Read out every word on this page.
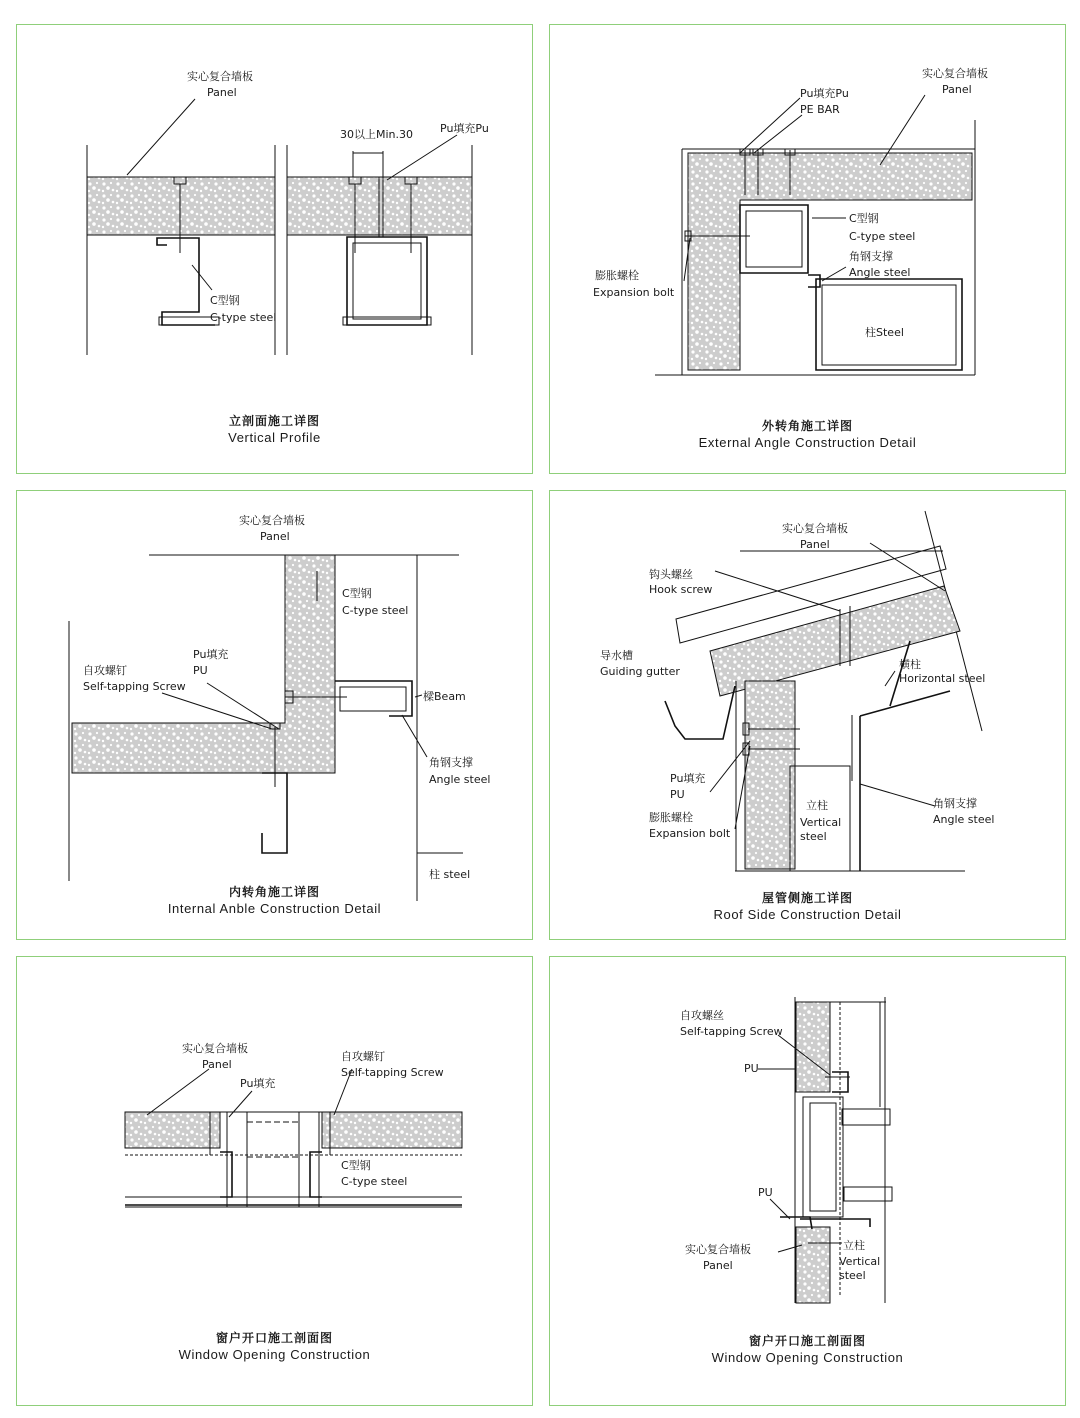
实心复合墙板
Panel
30以上Min.30 Pu填充Pu
C型钢
C-type steel
立剖面施工详图
Vertical Profile
Pu填充Pu
PE BAR
实心复合墙板
Panel
C型钢
C-type steel
角钢支撑
Angle steel
膨胀螺栓
Expansion bolt
柱Steel
外转角施工详图
External Angle Construction Detail
实心复合墙板
Panel
C型钢
C-type steel
Pu填充
PU
自攻螺钉
Self-tapping Screw
樑Beam
角钢支撑
Angle steel
柱 steel
内转角施工详图
Internal Anble Construction Detail
实心复合墙板
Panel
钩头螺丝
Hook screw
导水槽
Guiding gutter
横柱
Horizontal steel
Pu填充
PU
膨胀螺栓
Expansion bolt
立柱
Vertical
steel
角钢支撑
Angle steel
屋管侧施工详图
Roof Side Construction Detail
实心复合墙板
Panel
Pu填充
自攻螺钉
Self-tapping Screw
C型钢
C-type steel
窗户开口施工剖面图
Window Opening Construction
自攻螺丝
Self-tapping Screw
PU
PU
实心复合墙板
Panel
立柱
Vertical
steel
窗户开口施工剖面图
Window Opening Construction
